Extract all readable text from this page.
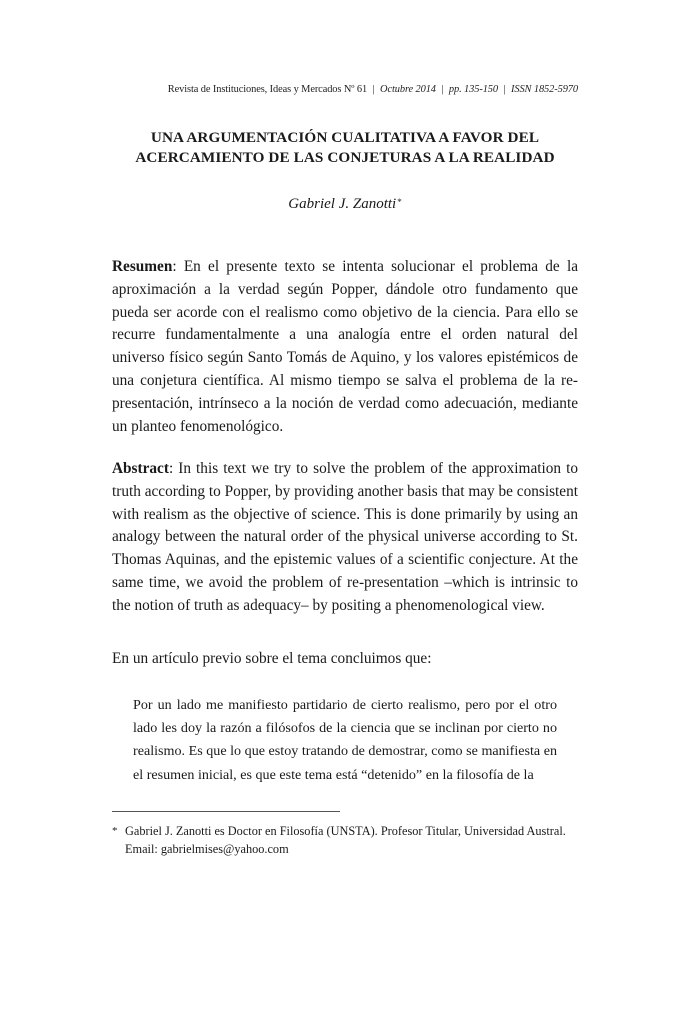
Revista de Instituciones, Ideas y Mercados Nº 61 | Octubre 2014 | pp. 135-150 | ISSN 1852-5970
UNA ARGUMENTACIÓN CUALITATIVA A FAVOR DEL ACERCAMIENTO DE LAS CONJETURAS A LA REALIDAD
Gabriel J. Zanotti*

Resumen: En el presente texto se intenta solucionar el problema de la aproximación a la verdad según Popper, dándole otro fundamento que pueda ser acorde con el realismo como objetivo de la ciencia. Para ello se recurre fundamentalmente a una analogía entre el orden natural del universo físico según Santo Tomás de Aquino, y los valores epistémicos de una conjetura científica. Al mismo tiempo se salva el problema de la re-presentación, intrínseco a la noción de verdad como adecuación, mediante un planteo fenomenológico.

Abstract: In this text we try to solve the problem of the approximation to truth according to Popper, by providing another basis that may be consistent with realism as the objective of science. This is done primarily by using an analogy between the natural order of the physical universe according to St. Thomas Aquinas, and the epistemic values of a scientific conjecture. At the same time, we avoid the problem of re-presentation –which is intrinsic to the notion of truth as adequacy– by positing a phenomenological view.

En un artículo previo sobre el tema concluimos que:

Por un lado me manifiesto partidario de cierto realismo, pero por el otro lado les doy la razón a filósofos de la ciencia que se inclinan por cierto no realismo. Es que lo que estoy tratando de demostrar, como se manifiesta en el resumen inicial, es que este tema está “detenido” en la filosofía de la

* Gabriel J. Zanotti es Doctor en Filosofía (UNSTA). Profesor Titular, Universidad Austral. Email: gabrielmises@yahoo.com
